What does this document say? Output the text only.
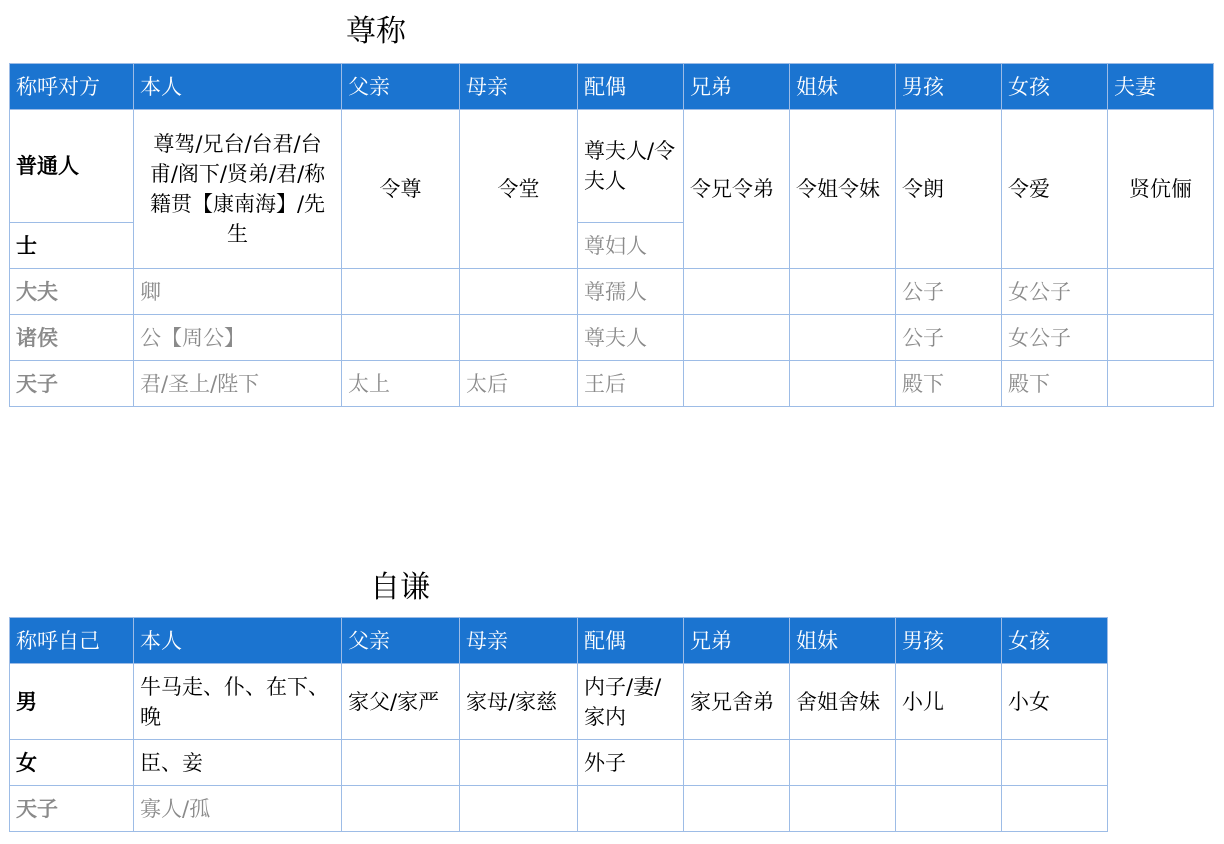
尊称
称呼对方	本人	父亲	母亲	配偶	兄弟	姐妹	男孩	女孩	夫妻
普通人	尊驾/兄台/台君/台甫/阁下/贤弟/君/称籍贯【康南海】/先生	令尊	令堂	尊夫人/令夫人	令兄令弟	令姐令妹	令朗	令爱	贤伉俪
士				尊妇人					
大夫	卿			尊孺人			公子	女公子	
诸侯	公【周公】			尊夫人			公子	女公子	
天子	君/圣上/陛下	太上	太后	王后			殿下	殿下	
自谦
称呼自己	本人	父亲	母亲	配偶	兄弟	姐妹	男孩	女孩
男	牛马走、仆、在下、晚	家父/家严	家母/家慈	内子/妻/家内	家兄舍弟	舍姐舍妹	小儿	小女
女	臣、妾			外子				
天子	寡人/孤							
